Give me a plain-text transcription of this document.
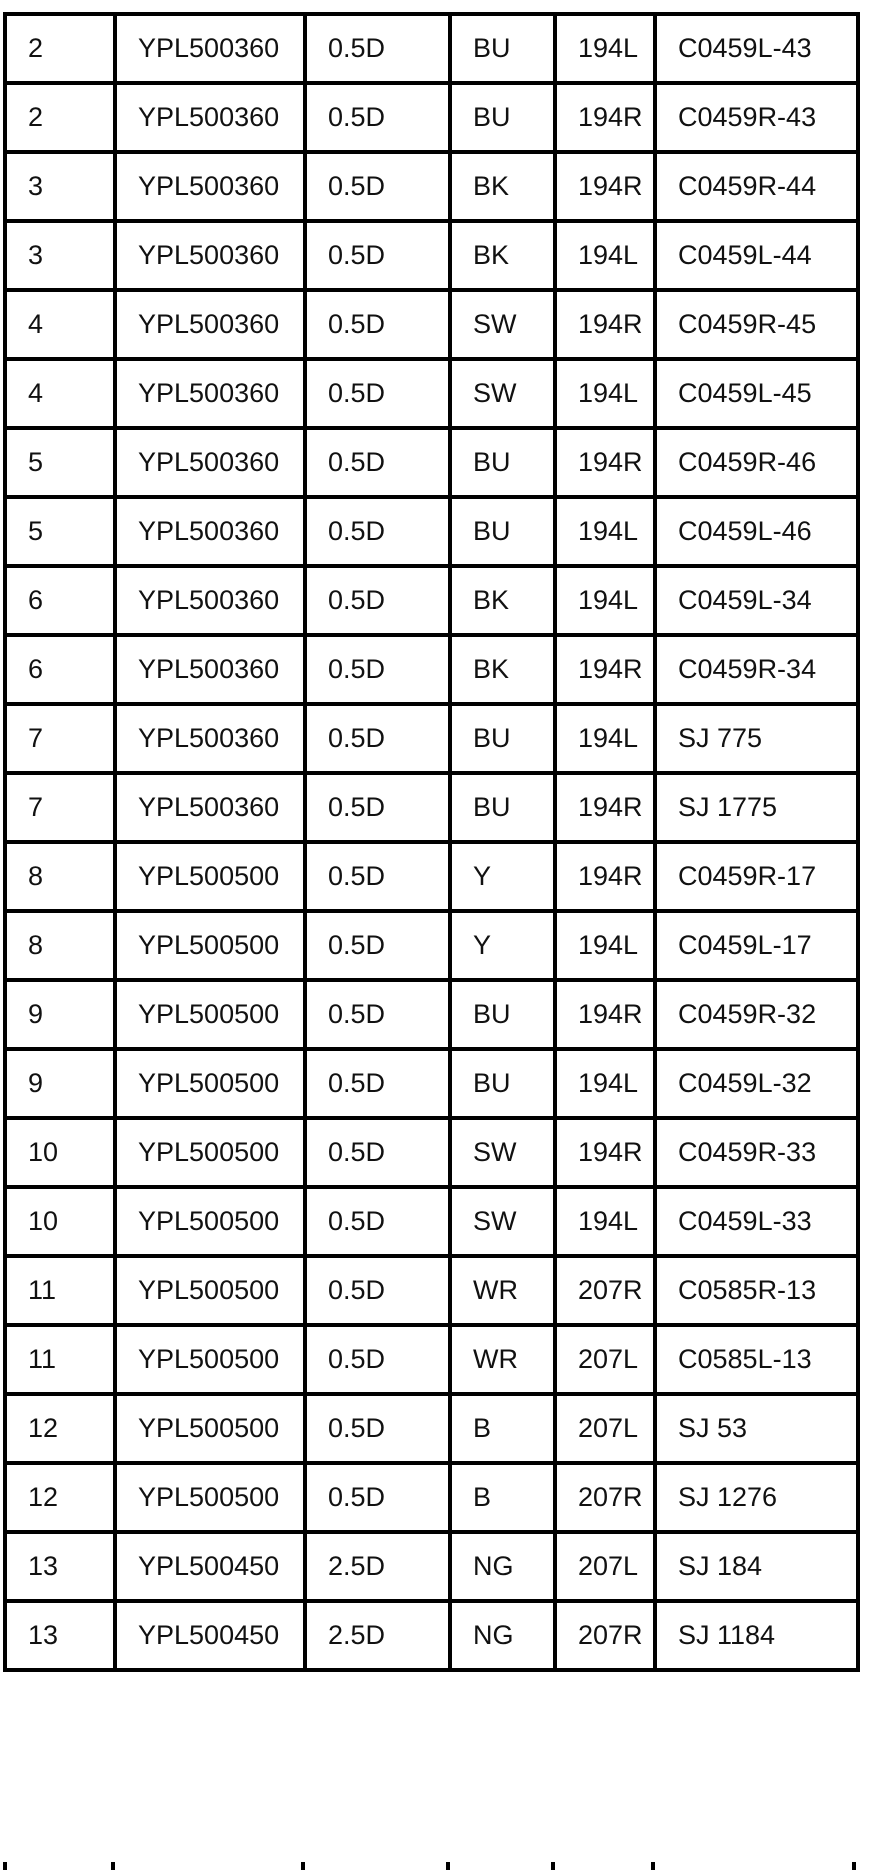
2	YPL500360	0.5D	BU	194L	C0459L-43
2	YPL500360	0.5D	BU	194R	C0459R-43
3	YPL500360	0.5D	BK	194R	C0459R-44
3	YPL500360	0.5D	BK	194L	C0459L-44
4	YPL500360	0.5D	SW	194R	C0459R-45
4	YPL500360	0.5D	SW	194L	C0459L-45
5	YPL500360	0.5D	BU	194R	C0459R-46
5	YPL500360	0.5D	BU	194L	C0459L-46
6	YPL500360	0.5D	BK	194L	C0459L-34
6	YPL500360	0.5D	BK	194R	C0459R-34
7	YPL500360	0.5D	BU	194L	SJ 775
7	YPL500360	0.5D	BU	194R	SJ 1775
8	YPL500500	0.5D	Y	194R	C0459R-17
8	YPL500500	0.5D	Y	194L	C0459L-17
9	YPL500500	0.5D	BU	194R	C0459R-32
9	YPL500500	0.5D	BU	194L	C0459L-32
10	YPL500500	0.5D	SW	194R	C0459R-33
10	YPL500500	0.5D	SW	194L	C0459L-33
11	YPL500500	0.5D	WR	207R	C0585R-13
11	YPL500500	0.5D	WR	207L	C0585L-13
12	YPL500500	0.5D	B	207L	SJ 53
12	YPL500500	0.5D	B	207R	SJ 1276
13	YPL500450	2.5D	NG	207L	SJ 184
13	YPL500450	2.5D	NG	207R	SJ 1184
